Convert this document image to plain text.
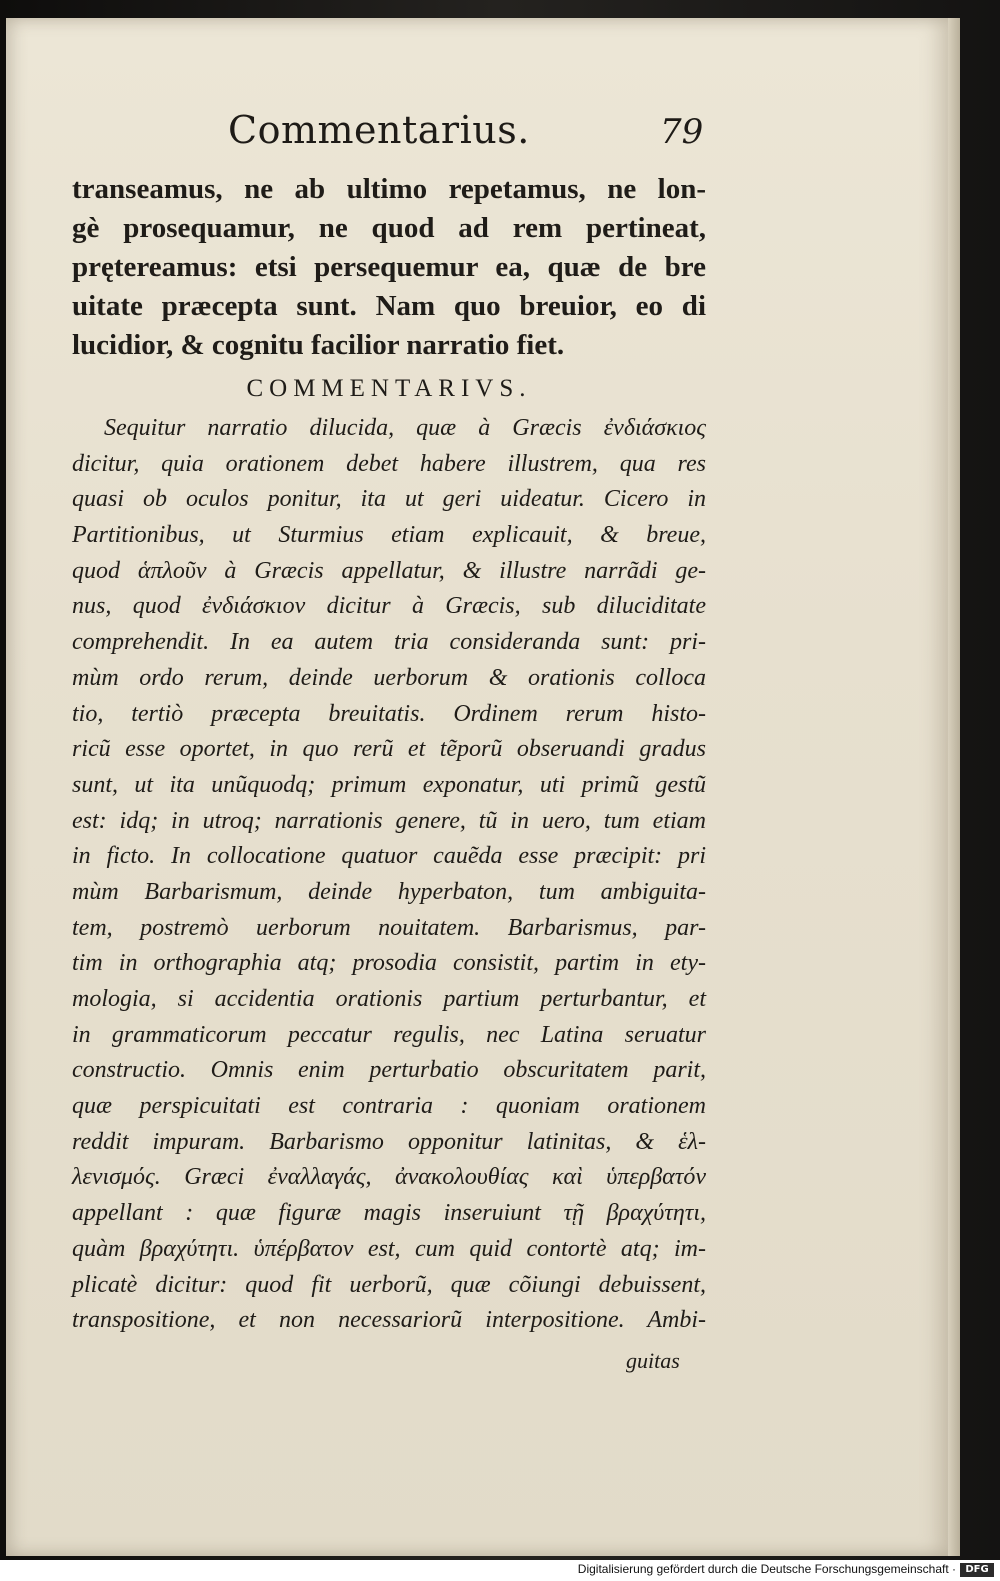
Commentarius.	79
transeamus, ne ab ultimo repetamus, ne lon-
gè prosequamur, ne quod ad rem pertineat,
prętereamus: etsi persequemur ea, quæ de bre
uitate præcepta sunt. Nam quo breuior, eo di
lucidior, & cognitu facilior narratio fiet.
COMMENTARIVS.
Sequitur narratio dilucida, quæ à Græcis ἐνδιάσκιος
dicitur, quia orationem debet habere illustrem, qua res
quasi ob oculos ponitur, ita ut geri uideatur. Cicero in
Partitionibus, ut Sturmius etiam explicauit, & breue,
quod ἁπλοῦν à Græcis appellatur, & illustre narrãdi ge-
nus, quod ἐνδιάσκιον dicitur à Græcis, sub diluciditate
comprehendit. In ea autem tria consideranda sunt: pri-
mùm ordo rerum, deinde uerborum & orationis colloca
tio, tertiò præcepta breuitatis. Ordinem rerum histo-
ricũ esse oportet, in quo rerũ et tẽporũ obseruandi gradus
sunt, ut ita unũquodq; primum exponatur, uti primũ gestũ
est: idq; in utroq; narrationis genere, tũ in uero, tum etiam
in ficto. In collocatione quatuor cauẽda esse præcipit: pri
mùm Barbarismum, deinde hyperbaton, tum ambiguita-
tem, postremò uerborum nouitatem. Barbarismus, par-
tim in orthographia atq; prosodia consistit, partim in ety-
mologia, si accidentia orationis partium perturbantur, et
in grammaticorum peccatur regulis, nec Latina seruatur
constructio. Omnis enim perturbatio obscuritatem parit,
quæ perspicuitati est contraria : quoniam orationem
reddit impuram. Barbarismo opponitur latinitas, & ἑλ-
λενισμός. Græci ἐναλλαγάς, ἀνακολουθίας καὶ ὑπερβατόν
appellant : quæ figuræ magis inseruiunt τῇ βραχύτητι,
quàm βραχύτητι. ὑπέρβατον est, cum quid contortè atq; im-
plicatè dicitur: quod fit uerborũ, quæ cõiungi debuissent,
transpositione, et non necessariorũ interpositione. Ambi-
guitas
Digitalisierung gefördert durch die Deutsche Forschungsgemeinschaft · DFG
